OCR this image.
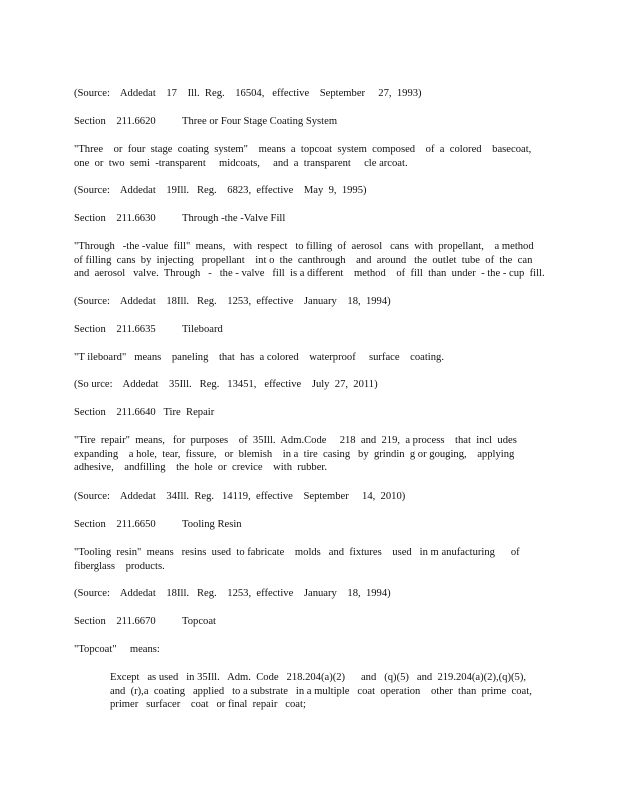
(Source:    Addedat    17    Ill.  Reg.    16504,   effective    September     27,  1993)

Section    211.6620 Three or Four Stage Coating System

"Three    or  four  stage  coating  system"    means  a  topcoat  system  composed    of  a  colored    basecoat,
one  or  two  semi  -transparent     midcoats,     and  a  transparent     cle arcoat.

(Source:    Addedat    19Ill.   Reg.    6823,  effective    May  9,  1995)

Section    211.6630 Through -the -Valve Fill

"Through   -the -value  fill"  means,   with  respect   to filling  of  aerosol   cans  with  propellant,    a method
of filling  cans  by  injecting   propellant    int o  the  canthrough    and  around   the  outlet  tube  of  the  can
and  aerosol   valve.  Through   -   the - valve   fill  is a different    method    of  fill  than  under  - the - cup  fill.

(Source:    Addedat    18Ill.   Reg.    1253,  effective    January    18,  1994)

Section    211.6635 Tileboard

"T ileboard"   means    paneling    that  has  a colored    waterproof     surface    coating.

(So urce:    Addedat    35Ill.   Reg.   13451,   effective    July  27,  2011)

Section    211.6640   Tire  Repair

"Tire  repair"  means,   for  purposes    of  35Ill.  Adm.Code     218  and  219,  a process    that  incl  udes
expanding    a hole,  tear,  fissure,   or  blemish    in a  tire  casing   by  grindin  g or gouging,    applying
adhesive,    andfilling    the  hole  or  crevice    with  rubber.

(Source:    Addedat    34Ill.  Reg.   14119,  effective    September     14,  2010)

Section    211.6650 Tooling Resin

"Tooling  resin"  means   resins  used  to fabricate    molds   and  fixtures    used   in m anufacturing      of
fiberglass    products.

(Source:    Addedat    18Ill.   Reg.    1253,  effective    January    18,  1994)

Section    211.6670 Topcoat

"Topcoat"     means:

Except   as used   in 35Ill.   Adm.  Code   218.204(a)(2)      and   (q)(5)   and  219.204(a)(2),(q)(5),
and  (r),a  coating   applied   to a substrate   in a multiple   coat  operation    other  than  prime  coat,
primer   surfacer    coat   or final  repair   coat;
